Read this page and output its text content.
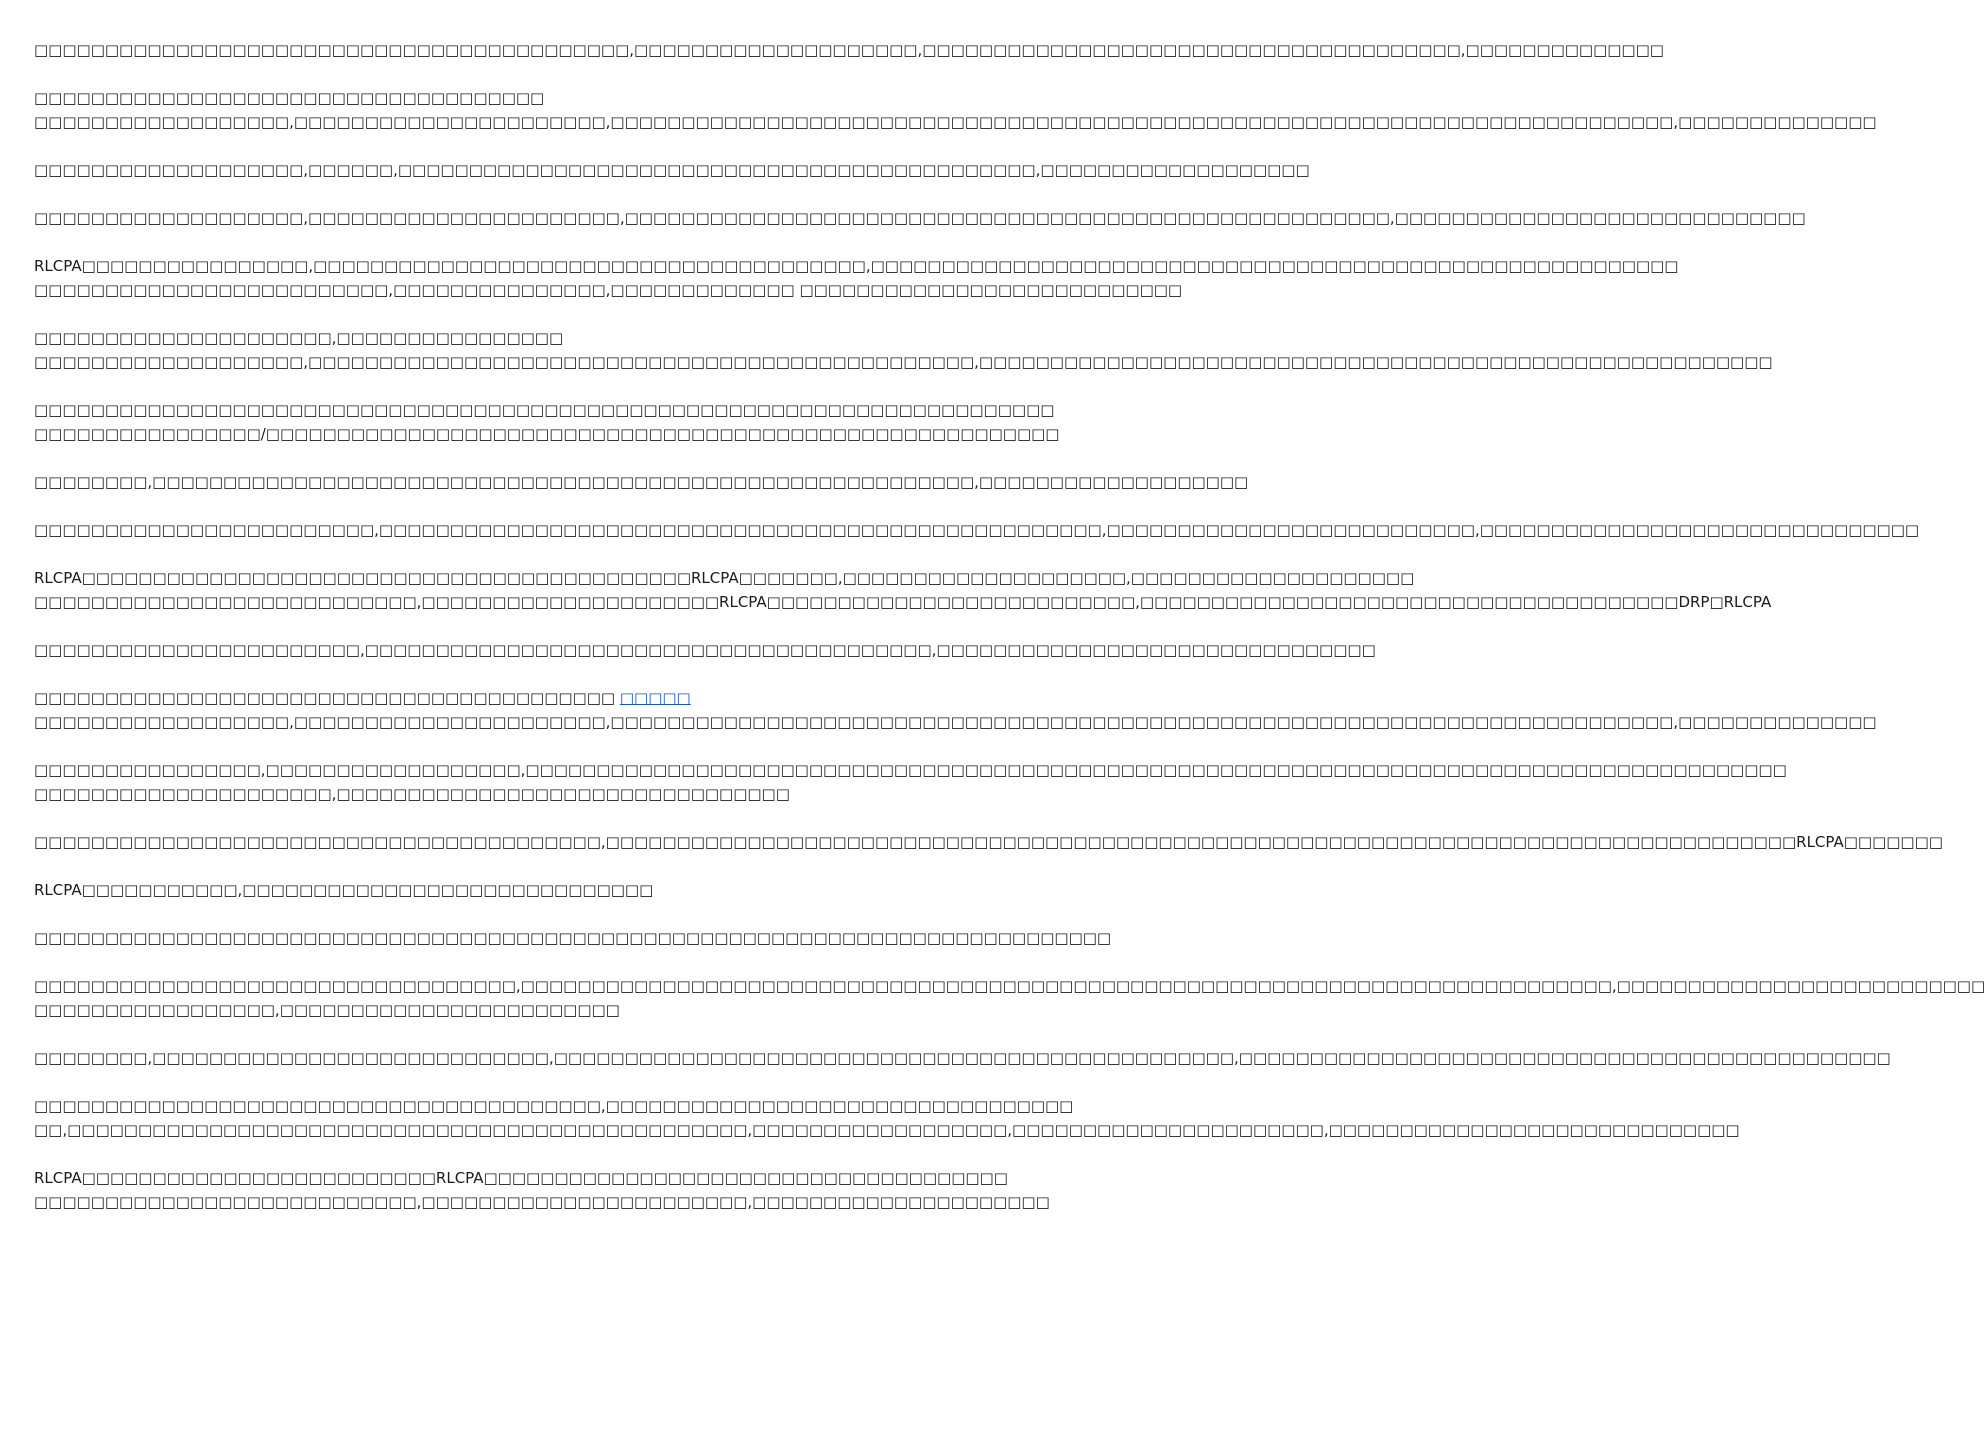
□□□□□□□□□□□□□□□□□□□□□□□□□□□□□□□□□□□□□□□□□□,□□□□□□□□□□□□□□□□□□□□,□□□□□□□□□□□□□□□□□□□□□□□□□□□□□□□□□□□□□□,□□□□□□□□□□□□□□

□□□□□□□□□□□□□□□□□□□□□□□□□□□□□□□□□□□□
□□□□□□□□□□□□□□□□□□,□□□□□□□□□□□□□□□□□□□□□□,□□□□□□□□□□□□□□□□□□□□□□□□□□□□□□□□□□□□□□□□□□□□□□□□□□□□□□□□□□□□□□□□□□□□□□□□□□□,□□□□□□□□□□□□□□

□□□□□□□□□□□□□□□□□□□,□□□□□□,□□□□□□□□□□□□□□□□□□□□□□□□□□□□□□□□□□□□□□□□□□□□□,□□□□□□□□□□□□□□□□□□□

□□□□□□□□□□□□□□□□□□□,□□□□□□□□□□□□□□□□□□□□□□,□□□□□□□□□□□□□□□□□□□□□□□□□□□□□□□□□□□□□□□□□□□□□□□□□□□□□□,□□□□□□□□□□□□□□□□□□□□□□□□□□□□□

RLCPA□□□□□□□□□□□□□□□□,□□□□□□□□□□□□□□□□□□□□□□□□□□□□□□□□□□□□□□□,□□□□□□□□□□□□□□□□□□□□□□□□□□□□□□□□□□□□□□□□□□□□□□□□□□□□□□□□□
□□□□□□□□□□□□□□□□□□□□□□□□□,□□□□□□□□□□□□□□□,□□□□□□□□□□□□□ □□□□□□□□□□□□□□□□□□□□□□□□□□□

□□□□□□□□□□□□□□□□□□□□□,□□□□□□□□□□□□□□□□
□□□□□□□□□□□□□□□□□□□,□□□□□□□□□□□□□□□□□□□□□□□□□□□□□□□□□□□□□□□□□□□□□□□,□□□□□□□□□□□□□□□□□□□□□□□□□□□□□□□□□□□□□□□□□□□□□□□□□□□□□□□□

□□□□□□□□□□□□□□□□□□□□□□□□□□□□□□□□□□□□□□□□□□□□□□□□□□□□□□□□□□□□□□□□□□□□□□□□
□□□□□□□□□□□□□□□□/□□□□□□□□□□□□□□□□□□□□□□□□□□□□□□□□□□□□□□□□□□□□□□□□□□□□□□□□

□□□□□□□□,□□□□□□□□□□□□□□□□□□□□□□□□□□□□□□□□□□□□□□□□□□□□□□□□□□□□□□□□□□,□□□□□□□□□□□□□□□□□□□

□□□□□□□□□□□□□□□□□□□□□□□□,□□□□□□□□□□□□□□□□□□□□□□□□□□□□□□□□□□□□□□□□□□□□□□□□□□□,□□□□□□□□□□□□□□□□□□□□□□□□□□,□□□□□□□□□□□□□□□□□□□□□□□□□□□□□□□

RLCPA□□□□□□□□□□□□□□□□□□□□□□□□□□□□□□□□□□□□□□□□□□□RLCPA□□□□□□□,□□□□□□□□□□□□□□□□□□□□,□□□□□□□□□□□□□□□□□□□□
□□□□□□□□□□□□□□□□□□□□□□□□□□□,□□□□□□□□□□□□□□□□□□□□□RLCPA□□□□□□□□□□□□□□□□□□□□□□□□□□,□□□□□□□□□□□□□□□□□□□□□□□□□□□□□□□□□□□□□□DRP□RLCPA

□□□□□□□□□□□□□□□□□□□□□□□,□□□□□□□□□□□□□□□□□□□□□□□□□□□□□□□□□□□□□□□□,□□□□□□□□□□□□□□□□□□□□□□□□□□□□□□□

□□□□□□□□□□□□□□□□□□□□□□□□□□□□□□□□□□□□□□□□□ □□□□□
□□□□□□□□□□□□□□□□□□,□□□□□□□□□□□□□□□□□□□□□□,□□□□□□□□□□□□□□□□□□□□□□□□□□□□□□□□□□□□□□□□□□□□□□□□□□□□□□□□□□□□□□□□□□□□□□□□□□□,□□□□□□□□□□□□□□

□□□□□□□□□□□□□□□□,□□□□□□□□□□□□□□□□□□,□□□□□□□□□□□□□□□□□□□□□□□□□□□□□□□□□□□□□□□□□□□□□□□□□□□□□□□□□□□□□□□□□□□□□□□□□□□□□□□□□□□□□□□□□
□□□□□□□□□□□□□□□□□□□□□,□□□□□□□□□□□□□□□□□□□□□□□□□□□□□□□□

□□□□□□□□□□□□□□□□□□□□□□□□□□□□□□□□□□□□□□□□,□□□□□□□□□□□□□□□□□□□□□□□□□□□□□□□□□□□□□□□□□□□□□□□□□□□□□□□□□□□□□□□□□□□□□□□□□□□□□□□□□□□□RLCPA□□□□□□□

RLCPA□□□□□□□□□□□,□□□□□□□□□□□□□□□□□□□□□□□□□□□□□

□□□□□□□□□□□□□□□□□□□□□□□□□□□□□□□□□□□□□□□□□□□□□□□□□□□□□□□□□□□□□□□□□□□□□□□□□□□□

□□□□□□□□□□□□□□□□□□□□□□□□□□□□□□□□□□,□□□□□□□□□□□□□□□□□□□□□□□□□□□□□□□□□□□□□□□□□□□□□□□□□□□□□□□□□□□□□□□□□□□□□□□□□□□□□,□□□□□□□□□□□□□□□□□□□□□□□□□□
□□□□□□□□□□□□□□□□□,□□□□□□□□□□□□□□□□□□□□□□□□

□□□□□□□□,□□□□□□□□□□□□□□□□□□□□□□□□□□□□,□□□□□□□□□□□□□□□□□□□□□□□□□□□□□□□□□□□□□□□□□□□□□□□□,□□□□□□□□□□□□□□□□□□□□□□□□□□□□□□□□□□□□□□□□□□□□□□

□□□□□□□□□□□□□□□□□□□□□□□□□□□□□□□□□□□□□□□□,□□□□□□□□□□□□□□□□□□□□□□□□□□□□□□□□□
□□,□□□□□□□□□□□□□□□□□□□□□□□□□□□□□□□□□□□□□□□□□□□□□□□□,□□□□□□□□□□□□□□□□□□,□□□□□□□□□□□□□□□□□□□□□□,□□□□□□□□□□□□□□□□□□□□□□□□□□□□□

RLCPA□□□□□□□□□□□□□□□□□□□□□□□□□RLCPA□□□□□□□□□□□□□□□□□□□□□□□□□□□□□□□□□□□□□
□□□□□□□□□□□□□□□□□□□□□□□□□□□,□□□□□□□□□□□□□□□□□□□□□□□,□□□□□□□□□□□□□□□□□□□□□
